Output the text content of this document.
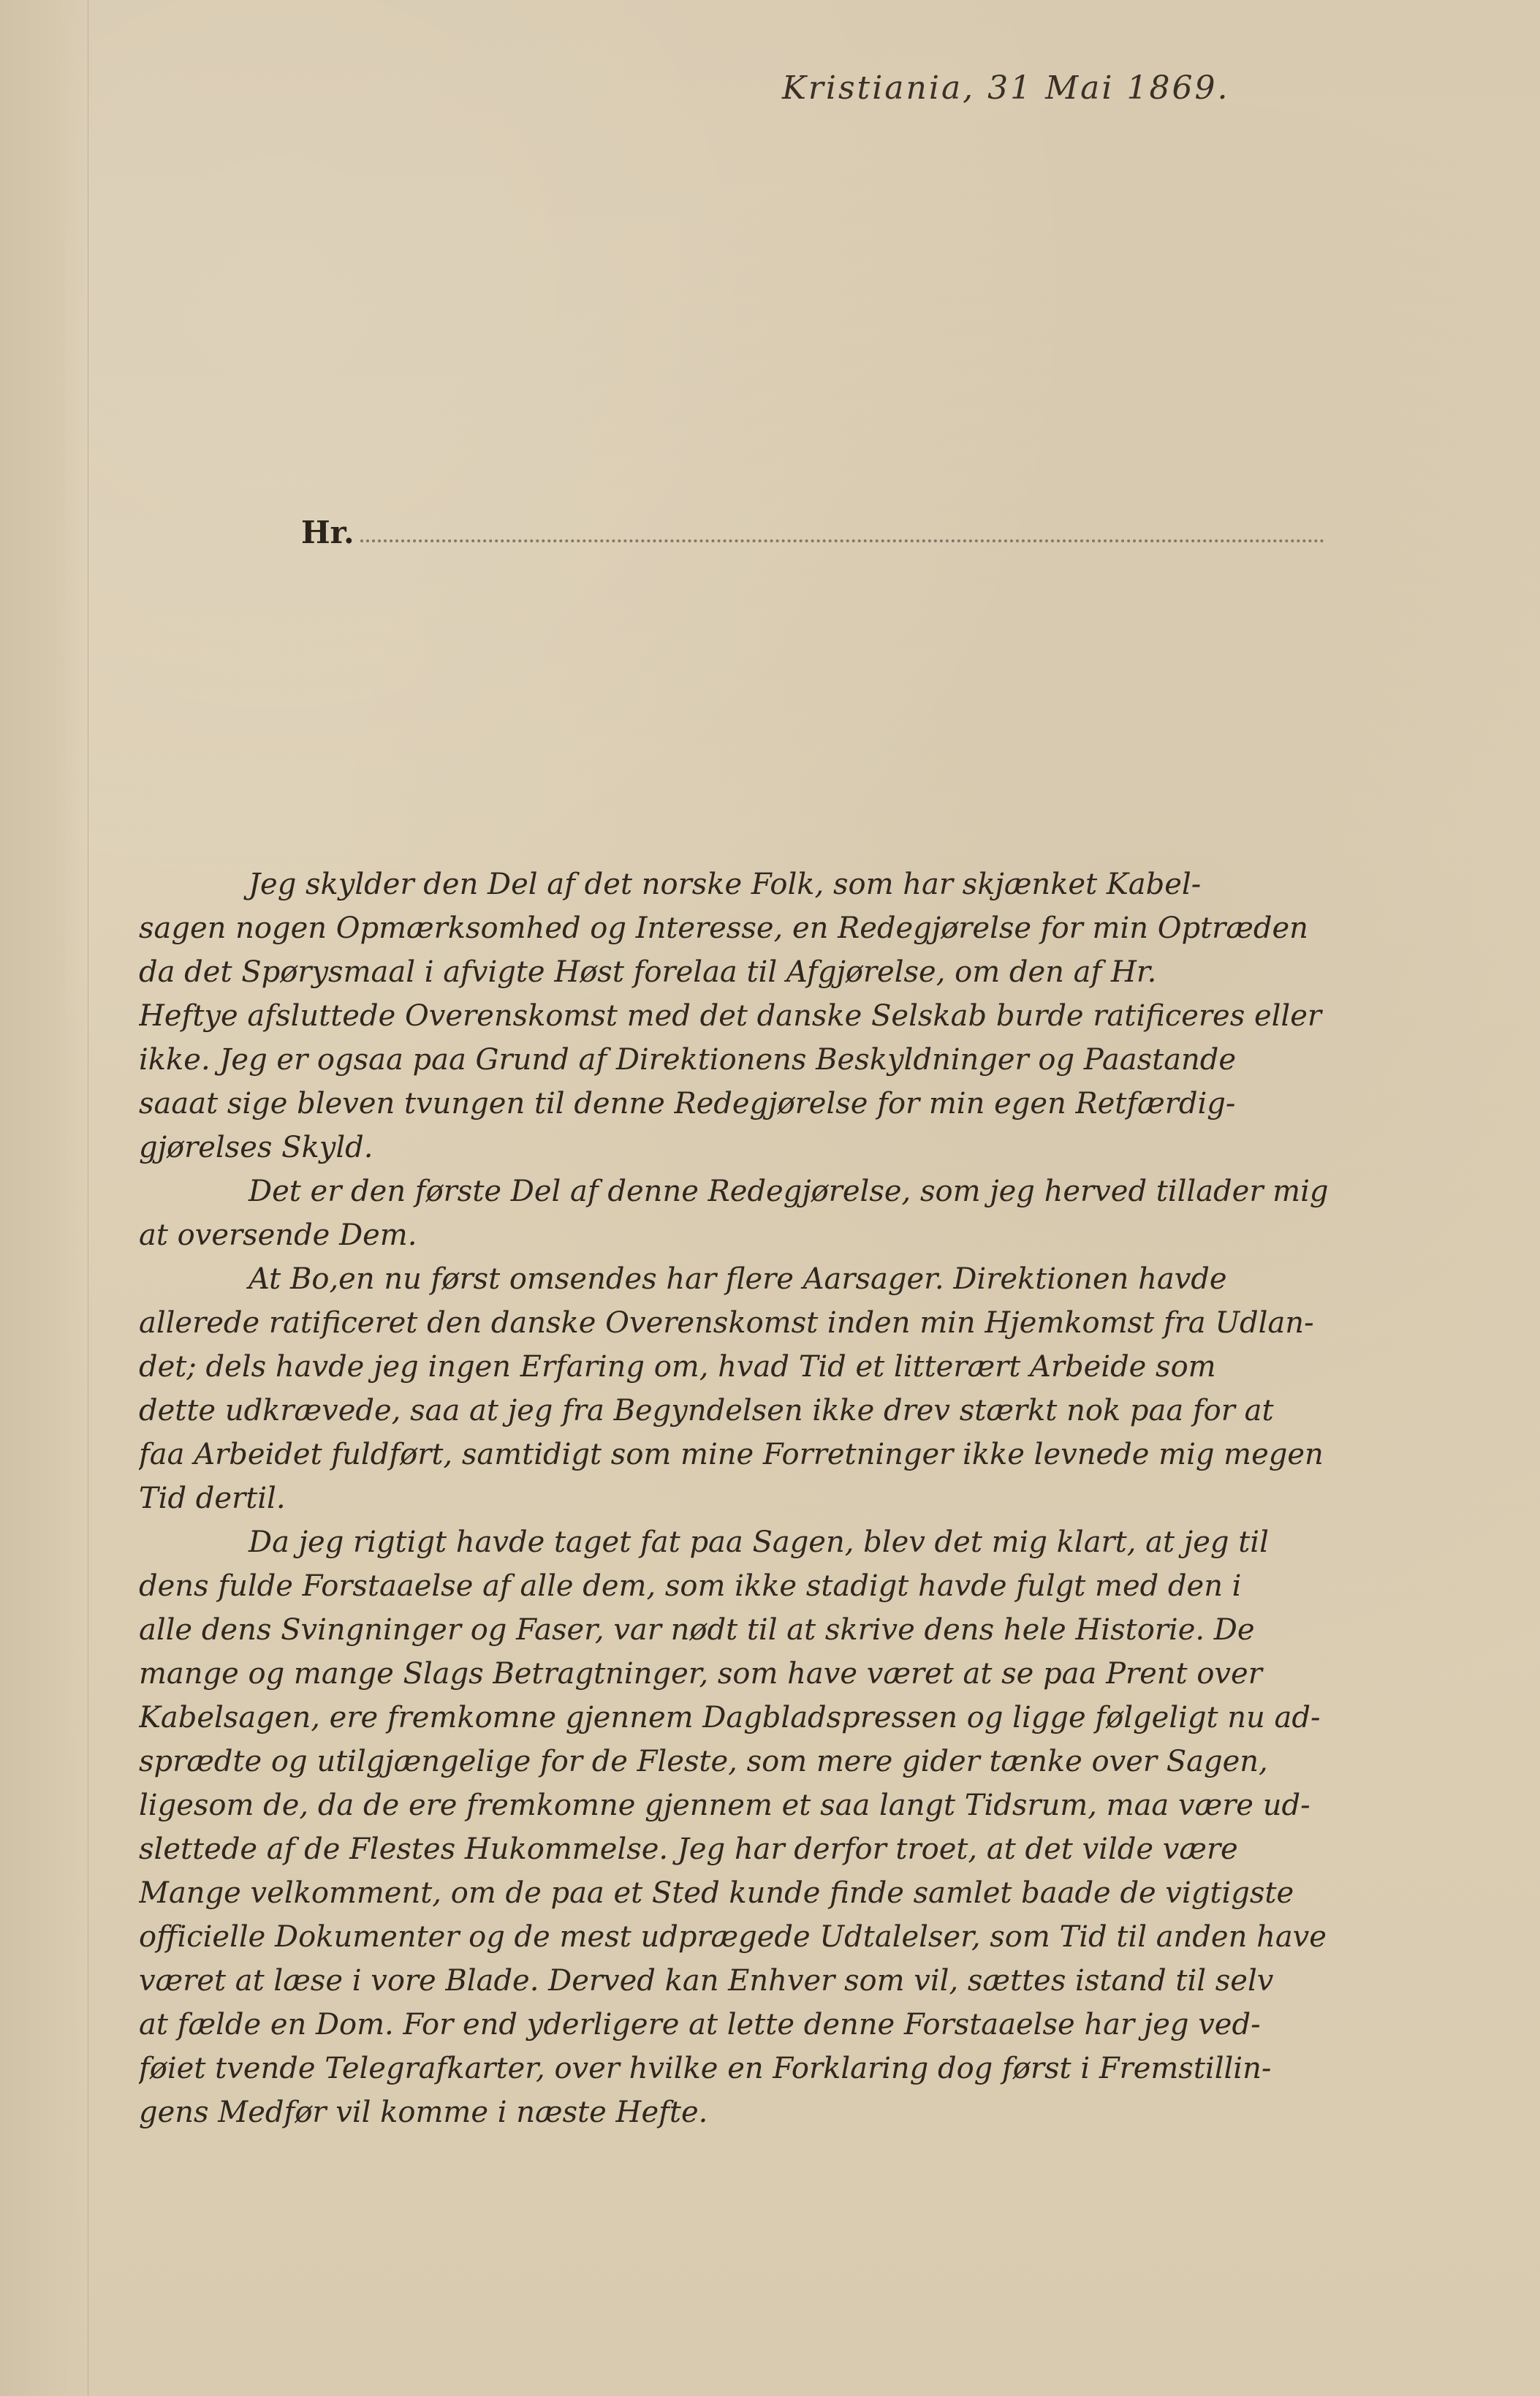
Kristiania, 31 Mai 1869.
Hr.
Jeg skylder den Del af det norske Folk, som har skjænket Kabel-
sagen nogen Opmærksomhed og Interesse, en Redegjørelse for min Optræden
da det Spørysmaal i afvigte Høst forelaa til Afgjørelse, om den af Hr.
Heftye afsluttede Overenskomst med det danske Selskab burde ratificeres eller
ikke. Jeg er ogsaa paa Grund af Direktionens Beskyldninger og Paastande
saaat sige bleven tvungen til denne Redegjørelse for min egen Retfærdig-
gjørelses Skyld.
Det er den første Del af denne Redegjørelse, som jeg herved tillader mig
at oversende Dem.
At Bo,en nu først omsendes har flere Aarsager. Direktionen havde
allerede ratificeret den danske Overenskomst inden min Hjemkomst fra Udlan-
det; dels havde jeg ingen Erfaring om, hvad Tid et litterært Arbeide som
dette udkrævede, saa at jeg fra Begyndelsen ikke drev stærkt nok paa for at
faa Arbeidet fuldført, samtidigt som mine Forretninger ikke levnede mig megen
Tid dertil.
Da jeg rigtigt havde taget fat paa Sagen, blev det mig klart, at jeg til
dens fulde Forstaaelse af alle dem, som ikke stadigt havde fulgt med den i
alle dens Svingninger og Faser, var nødt til at skrive dens hele Historie. De
mange og mange Slags Betragtninger, som have været at se paa Prent over
Kabelsagen, ere fremkomne gjennem Dagbladspressen og ligge følgeligt nu ad-
sprædte og utilgjængelige for de Fleste, som mere gider tænke over Sagen,
ligesom de, da de ere fremkomne gjennem et saa langt Tidsrum, maa være ud-
slettede af de Flestes Hukommelse. Jeg har derfor troet, at det vilde være
Mange velkomment, om de paa et Sted kunde finde samlet baade de vigtigste
officielle Dokumenter og de mest udprægede Udtalelser, som Tid til anden have
været at læse i vore Blade. Derved kan Enhver som vil, sættes istand til selv
at fælde en Dom. For end yderligere at lette denne Forstaaelse har jeg ved-
føiet tvende Telegrafkarter, over hvilke en Forklaring dog først i Fremstillin-
gens Medfør vil komme i næste Hefte.
